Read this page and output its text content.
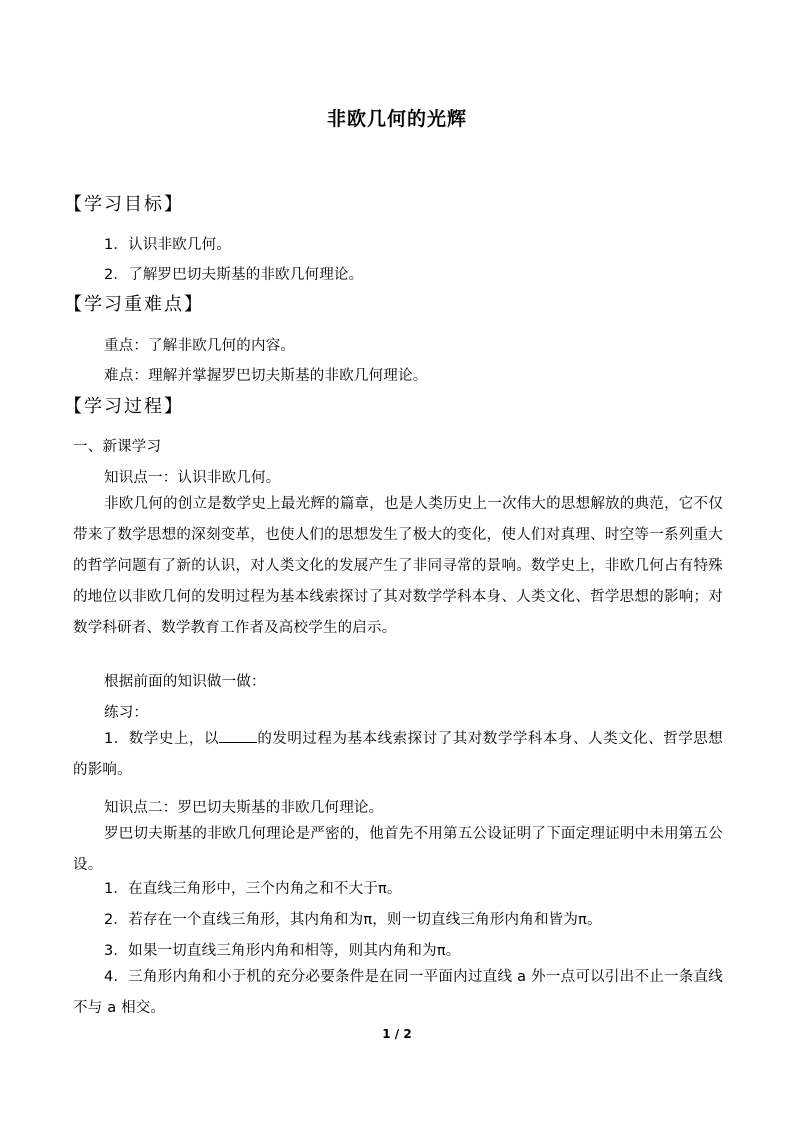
非欧几何的光辉
【学习目标】
1．认识非欧几何。
2．了解罗巴切夫斯基的非欧几何理论。
【学习重难点】
重点：了解非欧几何的内容。
难点：理解并掌握罗巴切夫斯基的非欧几何理论。
【学习过程】
一、新课学习
知识点一：认识非欧几何。
非欧几何的创立是数学史上最光辉的篇章，也是人类历史上一次伟大的思想解放的典范，它不仅带来了数学思想的深刻变革，也使人们的思想发生了极大的变化，使人们对真理、时空等一系列重大的哲学问题有了新的认识，对人类文化的发展产生了非同寻常的景响。数学史上，非欧几何占有特殊的地位以非欧几何的发明过程为基本线索探讨了其对数学学科本身、人类文化、哲学思想的影响；对数学科研者、数学教育工作者及高校学生的启示。
根据前面的知识做一做：
练习：
1．数学史上，以	的发明过程为基本线索探讨了其对数学学科本身、人类文化、哲学思想的影响。
知识点二：罗巴切夫斯基的非欧几何理论。
罗巴切夫斯基的非欧几何理论是严密的，他首先不用第五公设证明了下面定理证明中未用第五公设。
1．在直线三角形中，三个内角之和不大于π。
2．若存在一个直线三角形，其内角和为π，则一切直线三角形内角和皆为π。
3．如果一切直线三角形内角和相等，则其内角和为π。
4．三角形内角和小于机的充分必要条件是在同一平面内过直线 a 外一点可以引出不止一条直线不与 a 相交。
1 / 2
